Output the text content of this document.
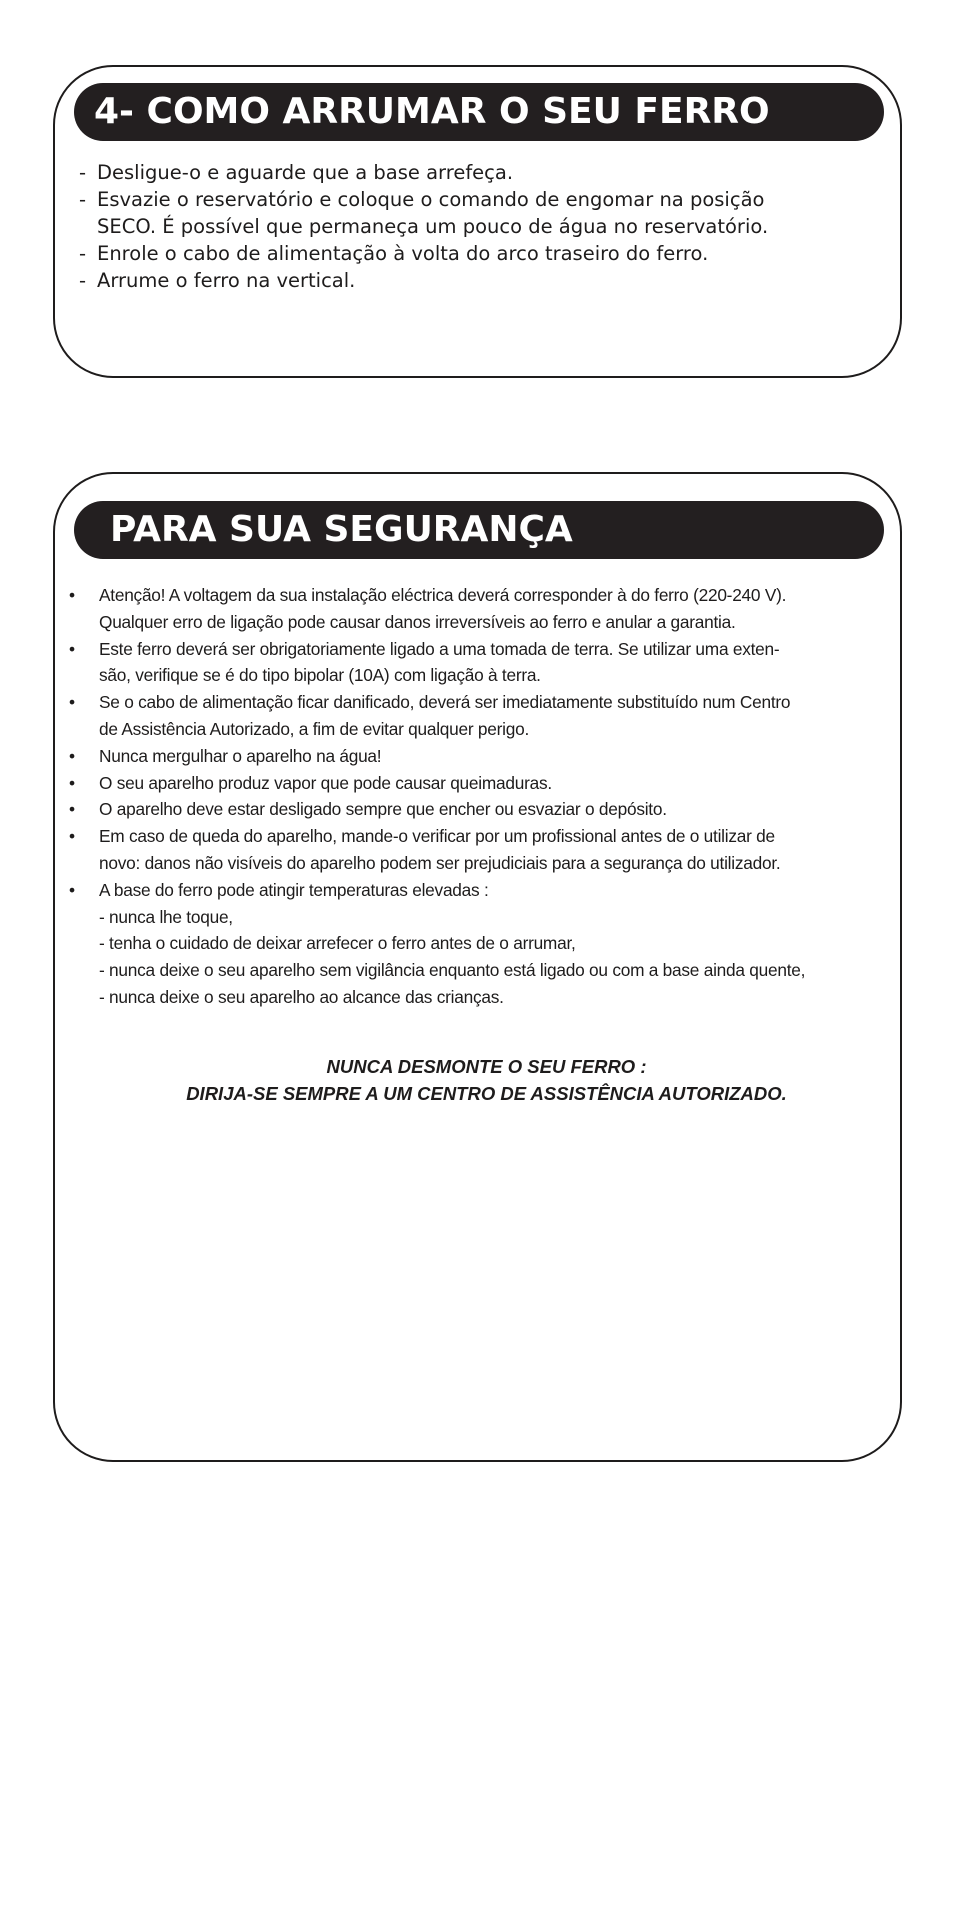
4- COMO ARRUMAR O SEU FERRO
- Desligue-o e aguarde que a base arrefeça.
- Esvazie o reservatório e coloque o comando de engomar na posição
SECO. É possível que permaneça um pouco de água no reservatório.
- Enrole o cabo de alimentação à volta do arco traseiro do ferro.
- Arrume o ferro na vertical.
PARA SUA SEGURANÇA
• Atenção! A voltagem da sua instalação eléctrica deverá corresponder à do ferro (220-240 V).
Qualquer erro de ligação pode causar danos irreversíveis ao ferro e anular a garantia.
• Este ferro deverá ser obrigatoriamente ligado a uma tomada de terra. Se utilizar uma exten-
são, verifique se é do tipo bipolar (10A) com ligação à terra.
• Se o cabo de alimentação ficar danificado, deverá ser imediatamente substituído num Centro
de Assistência Autorizado, a fim de evitar qualquer perigo.
• Nunca mergulhar o aparelho na água!
• O seu aparelho produz vapor que pode causar queimaduras.
• O aparelho deve estar desligado sempre que encher ou esvaziar o depósito.
• Em caso de queda do aparelho, mande-o verificar por um profissional antes de o utilizar de
novo: danos não visíveis do aparelho podem ser prejudiciais para a segurança do utilizador.
• A base do ferro pode atingir temperaturas elevadas :
- nunca lhe toque,
- tenha o cuidado de deixar arrefecer o ferro antes de o arrumar,
- nunca deixe o seu aparelho sem vigilância enquanto está ligado ou com a base ainda quente,
- nunca deixe o seu aparelho ao alcance das crianças.
NUNCA DESMONTE O SEU FERRO :
DIRIJA-SE SEMPRE A UM CENTRO DE ASSISTÊNCIA AUTORIZADO.
